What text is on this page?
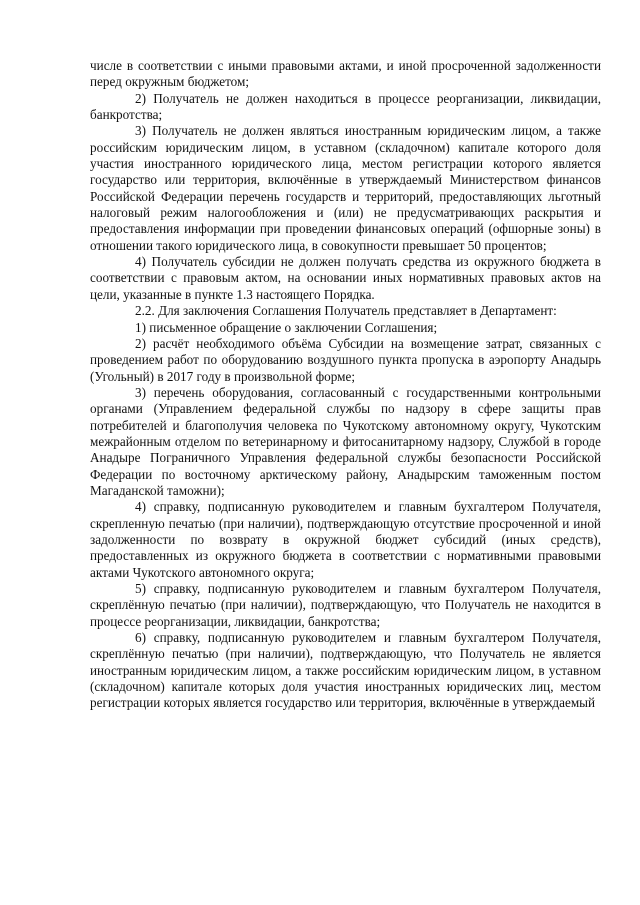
числе в соответствии с иными правовыми актами, и иной просроченной задолженности перед окружным бюджетом;

2) Получатель не должен находиться в процессе реорганизации, ликвидации, банкротства;

3) Получатель не должен являться иностранным юридическим лицом, а также российским юридическим лицом, в уставном (складочном) капитале которого доля участия иностранного юридического лица, местом регистрации которого является государство или территория, включённые в утверждаемый Министерством финансов Российской Федерации перечень государств и территорий, предоставляющих льготный налоговый режим налогообложения и (или) не предусматривающих раскрытия и предоставления информации при проведении финансовых операций (офшорные зоны) в отношении такого юридического лица, в совокупности превышает 50 процентов;

4) Получатель субсидии не должен получать средства из окружного бюджета в соответствии с правовым актом, на основании иных нормативных правовых актов на цели, указанные в пункте 1.3 настоящего Порядка.

2.2. Для заключения Соглашения Получатель представляет в Департамент:

1) письменное обращение о заключении Соглашения;

2) расчёт необходимого объёма Субсидии на возмещение затрат, связанных с проведением работ по оборудованию воздушного пункта пропуска в аэропорту Анадырь (Угольный) в 2017 году в произвольной форме;

3) перечень оборудования, согласованный с государственными контрольными органами (Управлением федеральной службы по надзору в сфере защиты прав потребителей и благополучия человека по Чукотскому автономному округу, Чукотским межрайонным отделом по ветеринарному и фитосанитарному надзору, Службой в городе Анадыре Пограничного Управления федеральной службы безопасности Российской Федерации по восточному арктическому району, Анадырским таможенным постом Магаданской таможни);

4) справку, подписанную руководителем и главным бухгалтером Получателя, скрепленную печатью (при наличии), подтверждающую отсутствие просроченной и иной задолженности по возврату в окружной бюджет субсидий (иных средств), предоставленных из окружного бюджета в соответствии с нормативными правовыми актами Чукотского автономного округа;

5) справку, подписанную руководителем и главным бухгалтером Получателя, скреплённую печатью (при наличии), подтверждающую, что Получатель не находится в процессе реорганизации, ликвидации, банкротства;

6) справку, подписанную руководителем и главным бухгалтером Получателя, скреплённую печатью (при наличии), подтверждающую, что Получатель не является иностранным юридическим лицом, а также российским юридическим лицом, в уставном (складочном) капитале которых доля участия иностранных юридических лиц, местом регистрации которых является государство или территория, включённые в утверждаемый
